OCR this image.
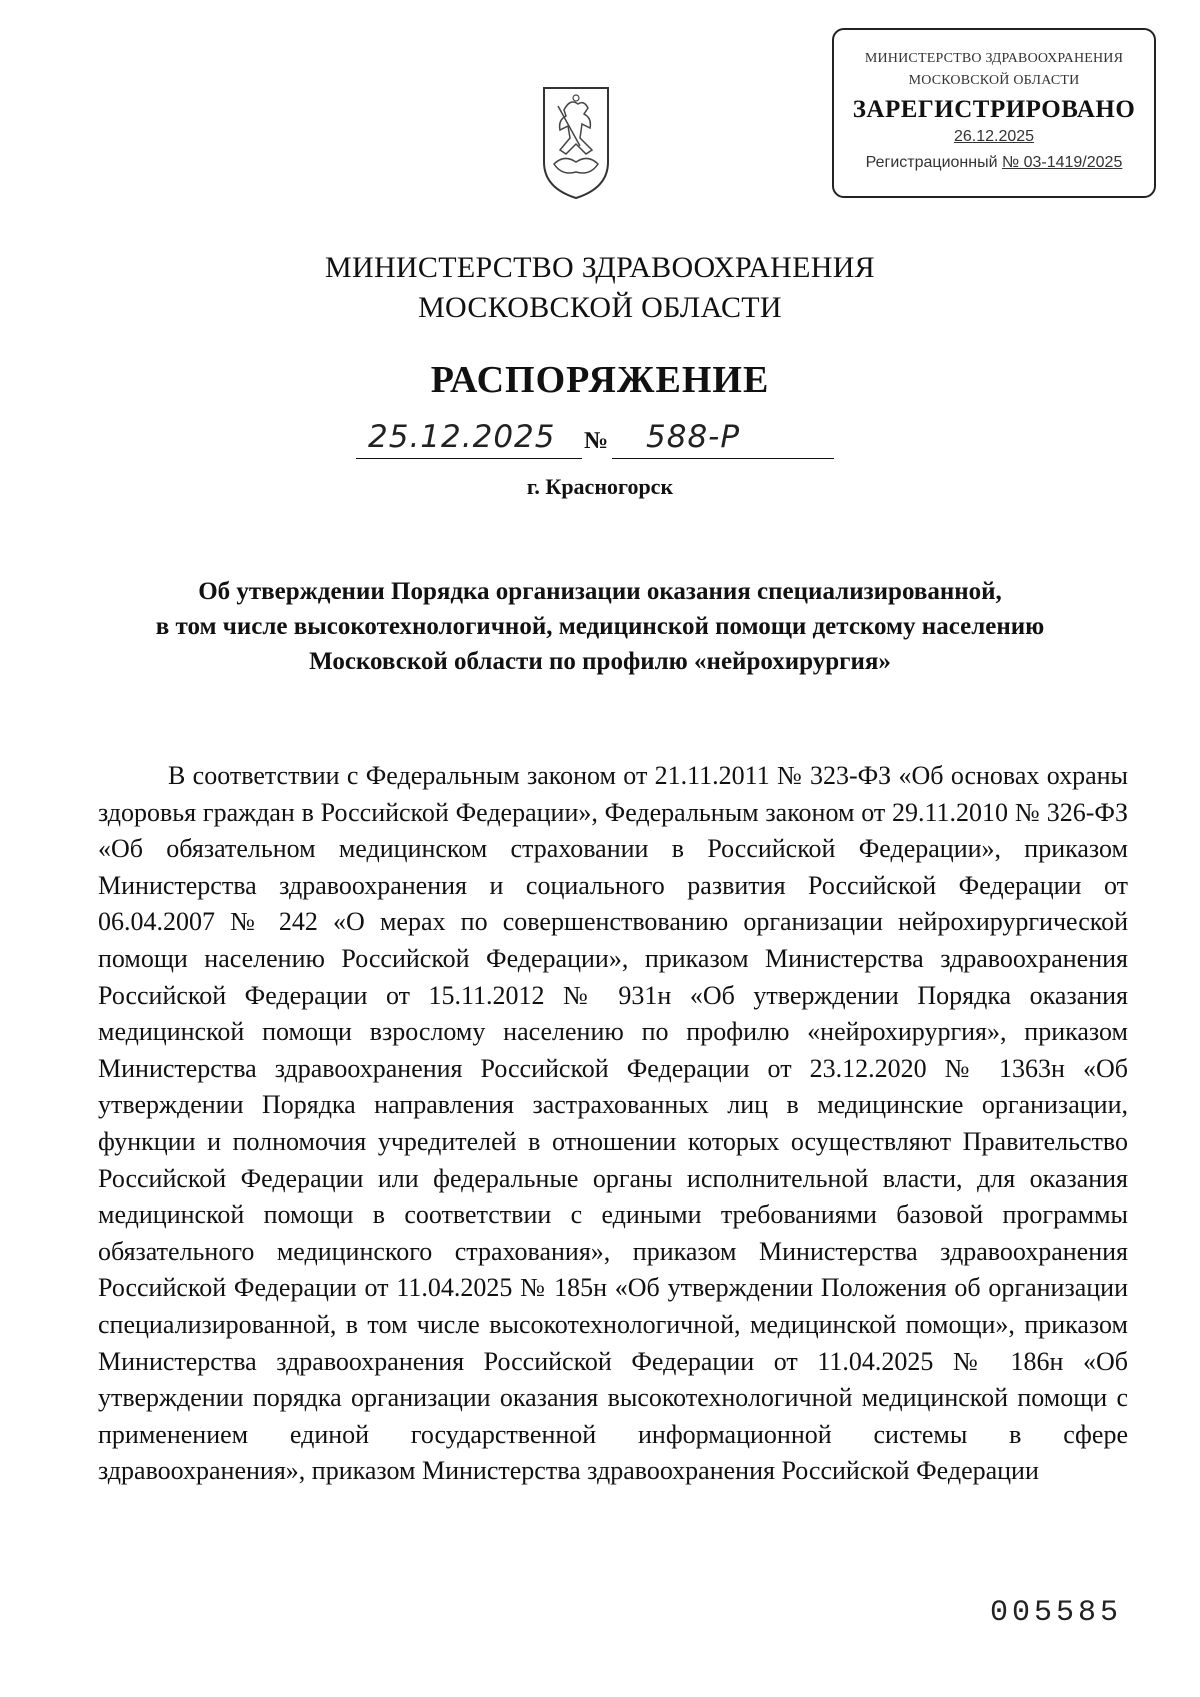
МИНИСТЕРСТВО ЗДРАВООХРАНЕНИЯ
МОСКОВСКОЙ ОБЛАСТИ
ЗАРЕГИСТРИРОВАНО
26.12.2025
Регистрационный № 03-1419/2025
МИНИСТЕРСТВО ЗДРАВООХРАНЕНИЯ
МОСКОВСКОЙ ОБЛАСТИ
РАСПОРЯЖЕНИЕ
25.12.2025 № 588-Р
г. Красногорск
Об утверждении Порядка организации оказания специализированной,
в том числе высокотехнологичной, медицинской помощи детскому населению
Московской области по профилю «нейрохирургия»

В соответствии с Федеральным законом от 21.11.2011 № 323-ФЗ «Об основах охраны здоровья граждан в Российской Федерации», Федеральным законом от 29.11.2010 № 326-ФЗ «Об обязательном медицинском страховании в Российской Федерации», приказом Министерства здравоохранения и социального развития Российской Федерации от 06.04.2007 № 242 «О мерах по совершенствованию организации нейрохирургической помощи населению Российской Федерации», приказом Министерства здравоохранения Российской Федерации от 15.11.2012 № 931н «Об утверждении Порядка оказания медицинской помощи взрослому населению по профилю «нейрохирургия», приказом Министерства здравоохранения Российской Федерации от 23.12.2020 № 1363н «Об утверждении Порядка направления застрахованных лиц в медицинские организации, функции и полномочия учредителей в отношении которых осуществляют Правительство Российской Федерации или федеральные органы исполнительной власти, для оказания медицинской помощи в соответствии с едиными требованиями базовой программы обязательного медицинского страхования», приказом Министерства здравоохранения Российской Федерации от 11.04.2025 № 185н «Об утверждении Положения об организации специализированной, в том числе высокотехнологичной, медицинской помощи», приказом Министерства здравоохранения Российской Федерации от 11.04.2025 № 186н «Об утверждении порядка организации оказания высокотехнологичной медицинской помощи с применением единой государственной информационной системы в сфере здравоохранения», приказом Министерства здравоохранения Российской Федерации

005585
